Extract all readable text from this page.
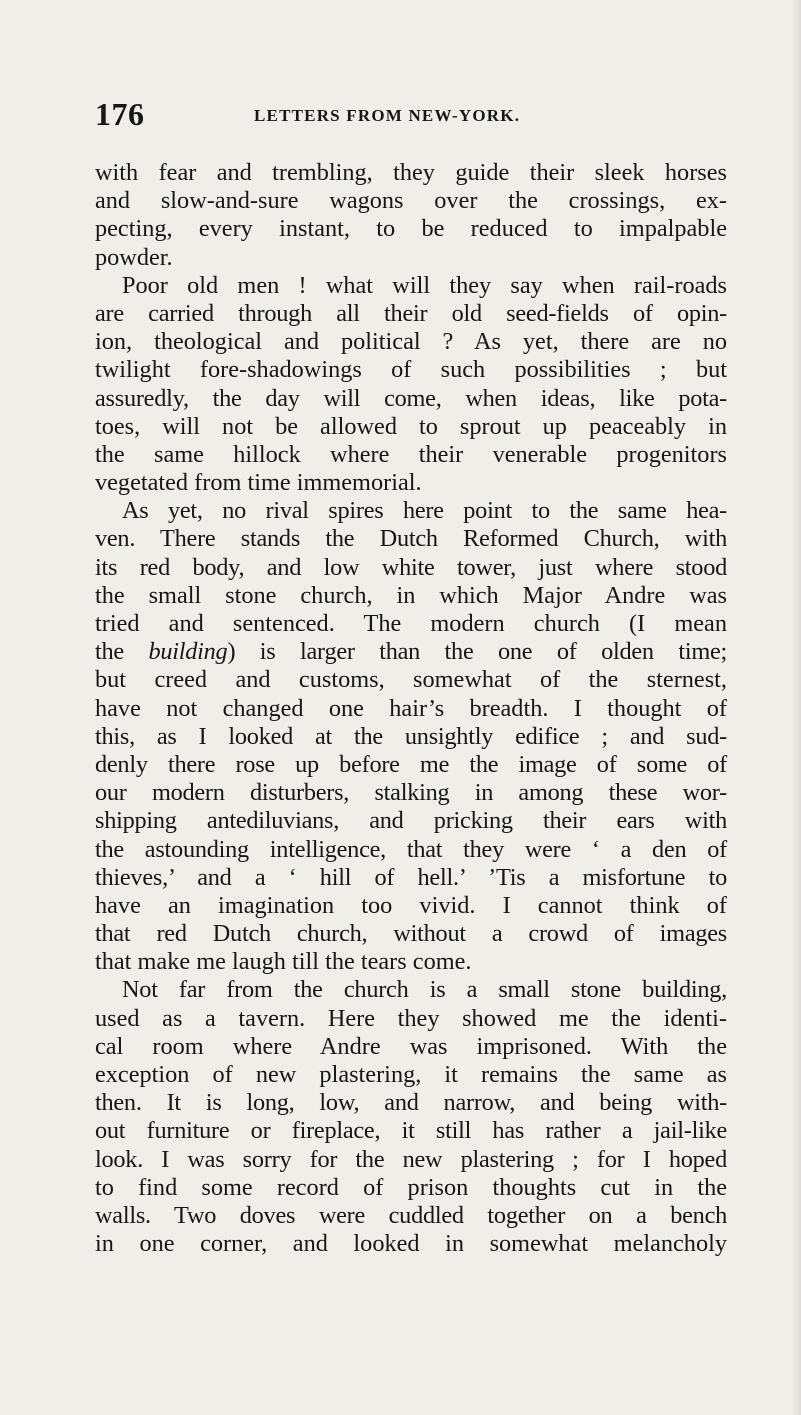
176	LETTERS FROM NEW-YORK.
with fear and trembling, they guide their sleek horses
and slow-and-sure wagons over the crossings, ex-
pecting, every instant, to be reduced to impalpable
powder.
Poor old men ! what will they say when rail-roads
are carried through all their old seed-fields of opin-
ion, theological and political ? As yet, there are no
twilight fore-shadowings of such possibilities ; but
assuredly, the day will come, when ideas, like pota-
toes, will not be allowed to sprout up peaceably in
the same hillock where their venerable progenitors
vegetated from time immemorial.
As yet, no rival spires here point to the same hea-
ven. There stands the Dutch Reformed Church, with
its red body, and low white tower, just where stood
the small stone church, in which Major Andre was
tried and sentenced. The modern church (I mean
the building) is larger than the one of olden time;
but creed and customs, somewhat of the sternest,
have not changed one hair’s breadth. I thought of
this, as I looked at the unsightly edifice ; and sud-
denly there rose up before me the image of some of
our modern disturbers, stalking in among these wor-
shipping antediluvians, and pricking their ears with
the astounding intelligence, that they were ‘ a den of
thieves,’ and a ‘ hill of hell.’ ’Tis a misfortune to
have an imagination too vivid. I cannot think of
that red Dutch church, without a crowd of images
that make me laugh till the tears come.
Not far from the church is a small stone building,
used as a tavern. Here they showed me the identi-
cal room where Andre was imprisoned. With the
exception of new plastering, it remains the same as
then. It is long, low, and narrow, and being with-
out furniture or fireplace, it still has rather a jail-like
look. I was sorry for the new plastering ; for I hoped
to find some record of prison thoughts cut in the
walls. Two doves were cuddled together on a bench
in one corner, and looked in somewhat melancholy
